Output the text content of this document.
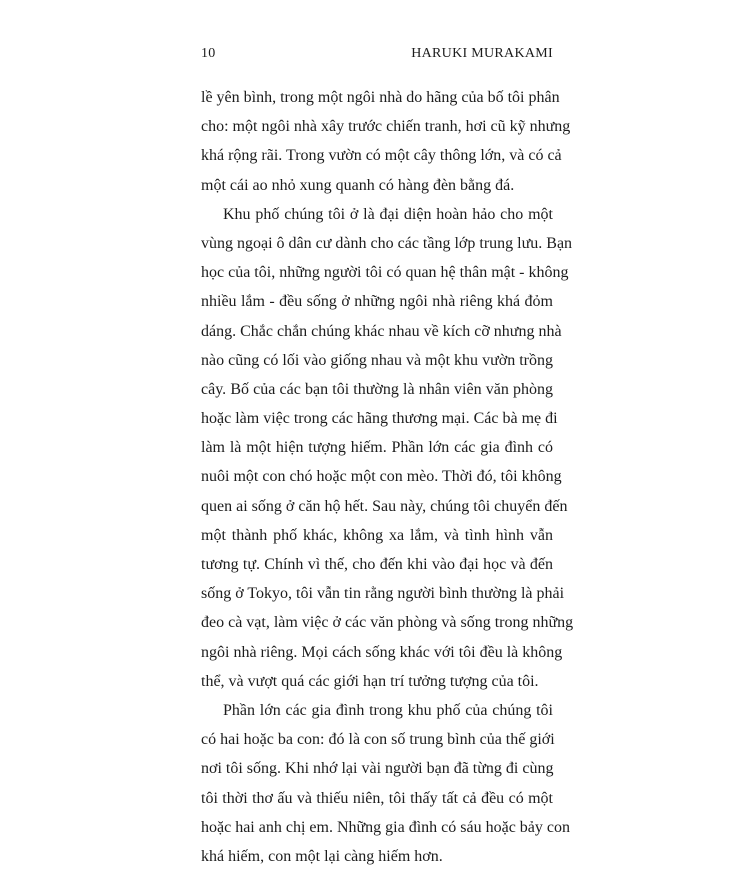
10	HARUKI MURAKAMI
lề yên bình, trong một ngôi nhà do hãng của bố tôi phân
cho: một ngôi nhà xây trước chiến tranh, hơi cũ kỹ nhưng
khá rộng rãi. Trong vườn có một cây thông lớn, và có cả
một cái ao nhỏ xung quanh có hàng đèn bằng đá.
Khu phố chúng tôi ở là đại diện hoàn hảo cho một
vùng ngoại ô dân cư dành cho các tầng lớp trung lưu. Bạn
học của tôi, những người tôi có quan hệ thân mật - không
nhiều lắm - đều sống ở những ngôi nhà riêng khá đỏm
dáng. Chắc chắn chúng khác nhau về kích cỡ nhưng nhà
nào cũng có lối vào giống nhau và một khu vườn trồng
cây. Bố của các bạn tôi thường là nhân viên văn phòng
hoặc làm việc trong các hãng thương mại. Các bà mẹ đi
làm là một hiện tượng hiếm. Phần lớn các gia đình có
nuôi một con chó hoặc một con mèo. Thời đó, tôi không
quen ai sống ở căn hộ hết. Sau này, chúng tôi chuyển đến
một thành phố khác, không xa lắm, và tình hình vẫn
tương tự. Chính vì thế, cho đến khi vào đại học và đến
sống ở Tokyo, tôi vẫn tin rằng người bình thường là phải
đeo cà vạt, làm việc ở các văn phòng và sống trong những
ngôi nhà riêng. Mọi cách sống khác với tôi đều là không
thể, và vượt quá các giới hạn trí tưởng tượng của tôi.
Phần lớn các gia đình trong khu phố của chúng tôi
có hai hoặc ba con: đó là con số trung bình của thế giới
nơi tôi sống. Khi nhớ lại vài người bạn đã từng đi cùng
tôi thời thơ ấu và thiếu niên, tôi thấy tất cả đều có một
hoặc hai anh chị em. Những gia đình có sáu hoặc bảy con
khá hiếm, con một lại càng hiếm hơn.
